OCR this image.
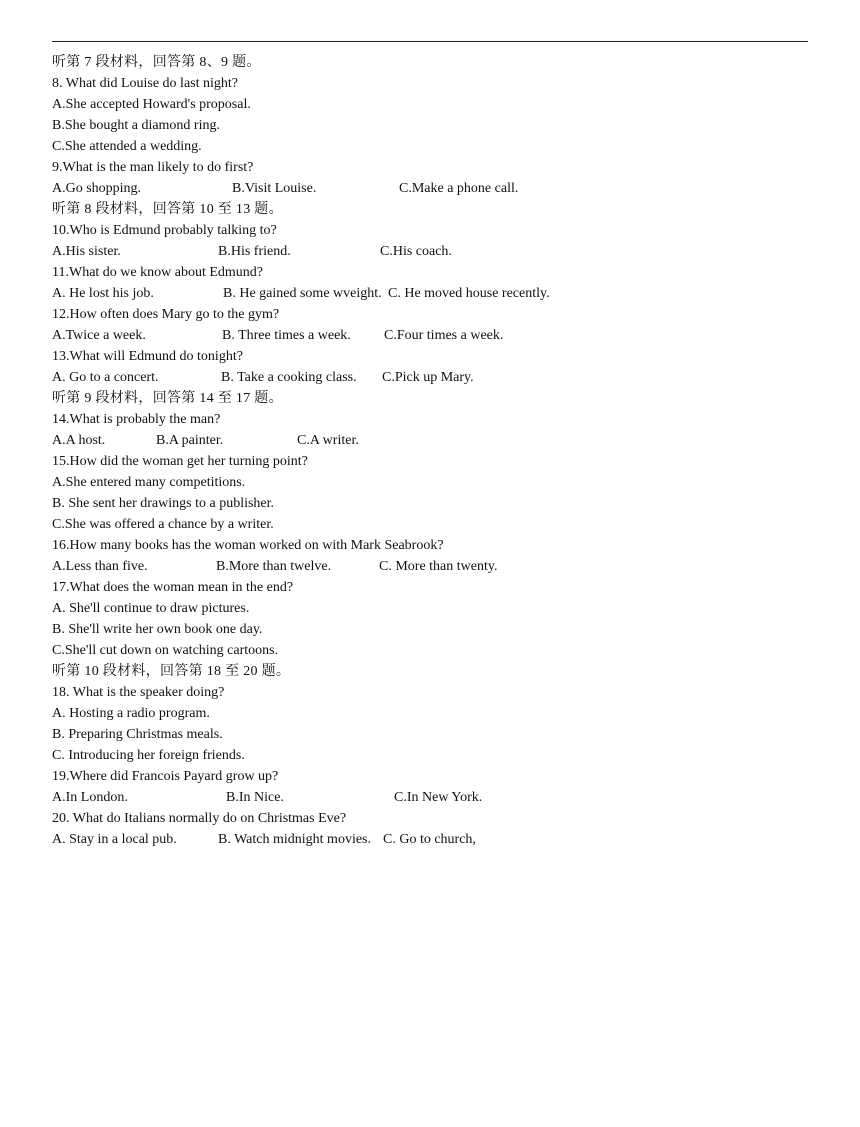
听第 7 段材料，回答第 8、9 题。
8. What did Louise do last night?
A.She accepted Howard's proposal.
B.She bought a diamond ring.
C.She attended a wedding.
9.What is the man likely to do first?
A.Go shopping.	B.Visit Louise.	C.Make a phone call.
听第 8 段材料，回答第 10 至 13 题。
10.Who is Edmund probably talking to?
A.His sister.	B.His friend.	C.His coach.
11.What do we know about Edmund?
A. He lost his job.	B. He gained some wveight. C. He moved house recently.
12.How often does Mary go to the gym?
A.Twice a week.	B. Three times a week. C.Four times a week.
13.What will Edmund do tonight?
A. Go to a concert.	B. Take a cooking class. C.Pick up Mary.
听第 9 段材料，回答第 14 至 17 题。
14.What is probably the man?
A.A host.	B.A painter.	C.A writer.
15.How did the woman get her turning point?
A.She entered many competitions.
B. She sent her drawings to a publisher.
C.She was offered a chance by a writer.
16.How many books has the woman worked on with Mark Seabrook?
A.Less than five.	B.More than twelve.	C. More than twenty.
17.What does the woman mean in the end?
A. She'll continue to draw pictures.
B. She'll write her own book one day.
C.She'll cut down on watching cartoons.
听第 10 段材料，回答第 18 至 20 题。
18. What is the speaker doing?
A. Hosting a radio program.
B. Preparing Christmas meals.
C. Introducing her foreign friends.
19.Where did Francois Payard grow up?
A.In London.	B.In Nice.	C.In New York.
20. What do Italians normally do on Christmas Eve?
A. Stay in a local pub.	B. Watch midnight movies. C. Go to church,
